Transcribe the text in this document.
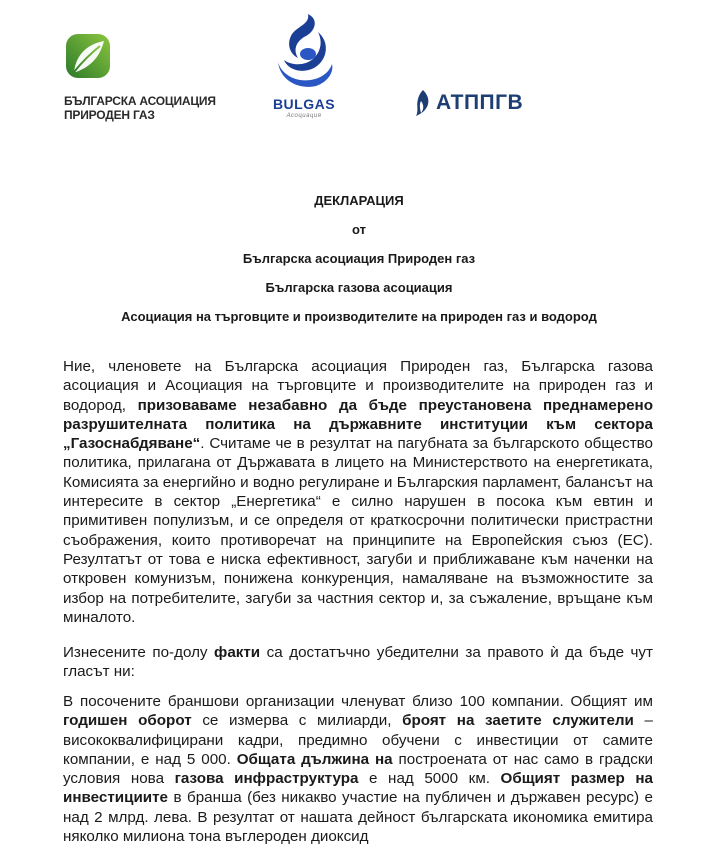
БЪЛГАРСКА АСОЦИАЦИЯ
ПРИРОДЕН ГАЗ
BULGAS
Асоциация
АТППГВ
ДЕКЛАРАЦИЯ
от
Българска асоциация Природен газ
Българска газова асоциация
Асоциация на търговците и производителите на природен газ и водород
Ние, членовете на Българска асоциация Природен газ, Българска газова асоциация и Асоциация на търговците и производителите на природен газ и водород, призоваваме незабавно да бъде преустановена преднамерено разрушителната политика на държавните институции към сектора „Газоснабдяване“. Считаме че в резултат на пагубната за българското общество политика, прилагана от Държавата в лицето на Министерството на енергетиката, Комисията за енергийно и водно регулиране и Българския парламент, балансът на интересите в сектор „Енергетика“ е силно нарушен в посока към евтин и примитивен популизъм, и се определя от краткосрочни политически пристрастни съображения, които противоречат на принципите на Европейския съюз (ЕС). Резултатът от това е ниска ефективност, загуби и приближаване към наченки на откровен комунизъм, понижена конкуренция, намаляване на възможностите за избор на потребителите, загуби за частния сектор и, за съжаление, връщане към миналото.
Изнесените по-долу факти са достатъчно убедителни за правото ѝ да бъде чут гласът ни:
В посочените браншови организации членуват близо 100 компании. Общият им годишен оборот се измерва с милиарди, броят на заетите служители – висококвалифицирани кадри, предимно обучени с инвестиции от самите компании, е над 5 000. Общата дължина на построената от нас само в градски условия нова газова инфраструктура е над 5000 км. Общият размер на инвестициите в бранша (без никакво участие на публичен и държавен ресурс) е над 2 млрд. лева. В резултат от нашата дейност българската икономика емитира няколко милиона тона въглероден диоксид
